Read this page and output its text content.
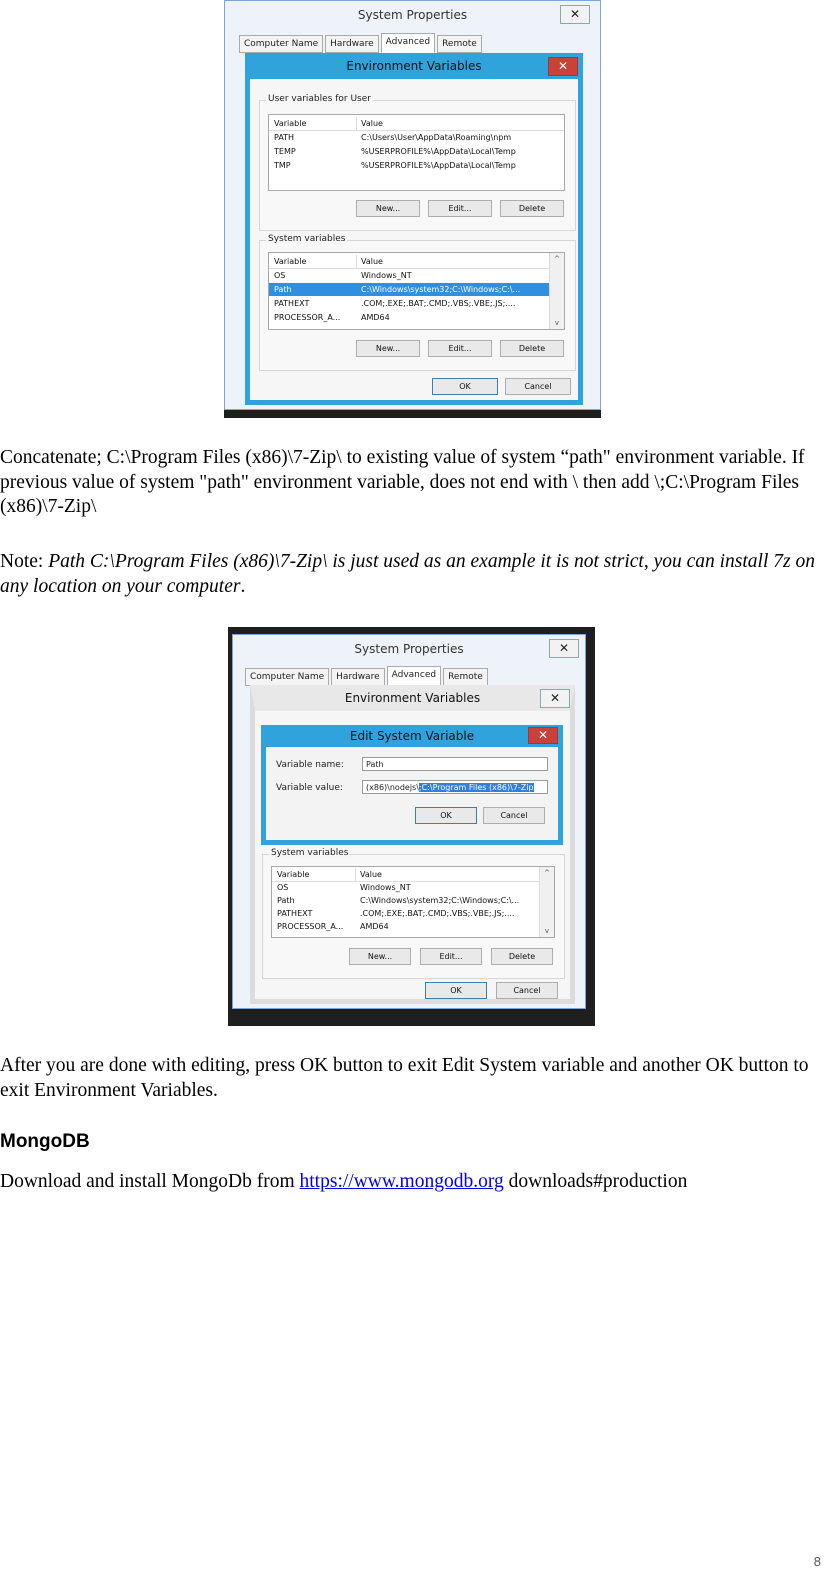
System Properties	✕
Computer Name	Hardware	Advanced	Remote
Environment Variables	✕
User variables for User
Variable	Value
PATH	C:\Users\User\AppData\Roaming\npm
TEMP	%USERPROFILE%\AppData\Local\Temp
TMP	%USERPROFILE%\AppData\Local\Temp
New...	Edit...	Delete
System variables
Variable	Value
OS	Windows_NT
Path	C:\Windows\system32;C:\Windows;C:\...
PATHEXT	.COM;.EXE;.BAT;.CMD;.VBS;.VBE;.JS;....
PROCESSOR_A...	AMD64
^
v
New...	Edit...	Delete
OK	Cancel
Concatenate; C:\Program Files (x86)\7-Zip\ to existing value of system “path" environment variable. If previous value of system "path" environment variable, does not end with \ then add \;C:\Program Files (x86)\7-Zip\
Note: Path C:\Program Files (x86)\7-Zip\ is just used as an example it is not strict, you can install 7z on any location on your computer.
System Properties	✕
Computer Name	Hardware	Advanced	Remote
Environment Variables	✕
System variables
Variable	Value
OS	Windows_NT
Path	C:\Windows\system32;C:\Windows;C:\...
PATHEXT	.COM;.EXE;.BAT;.CMD;.VBS;.VBE;.JS;....
PROCESSOR_A... AMD64
^
v
New...	Edit...	Delete
OK	Cancel
Edit System Variable	✕
Variable name:	Path
Variable value:	(x86)\nodejs\;C:\Program Files (x86)\7-Zip
OK	Cancel
After you are done with editing, press OK button to exit Edit System variable and another OK button to exit Environment Variables.
MongoDB
Download and install MongoDb from https://www.mongodb.org downloads#production
8
